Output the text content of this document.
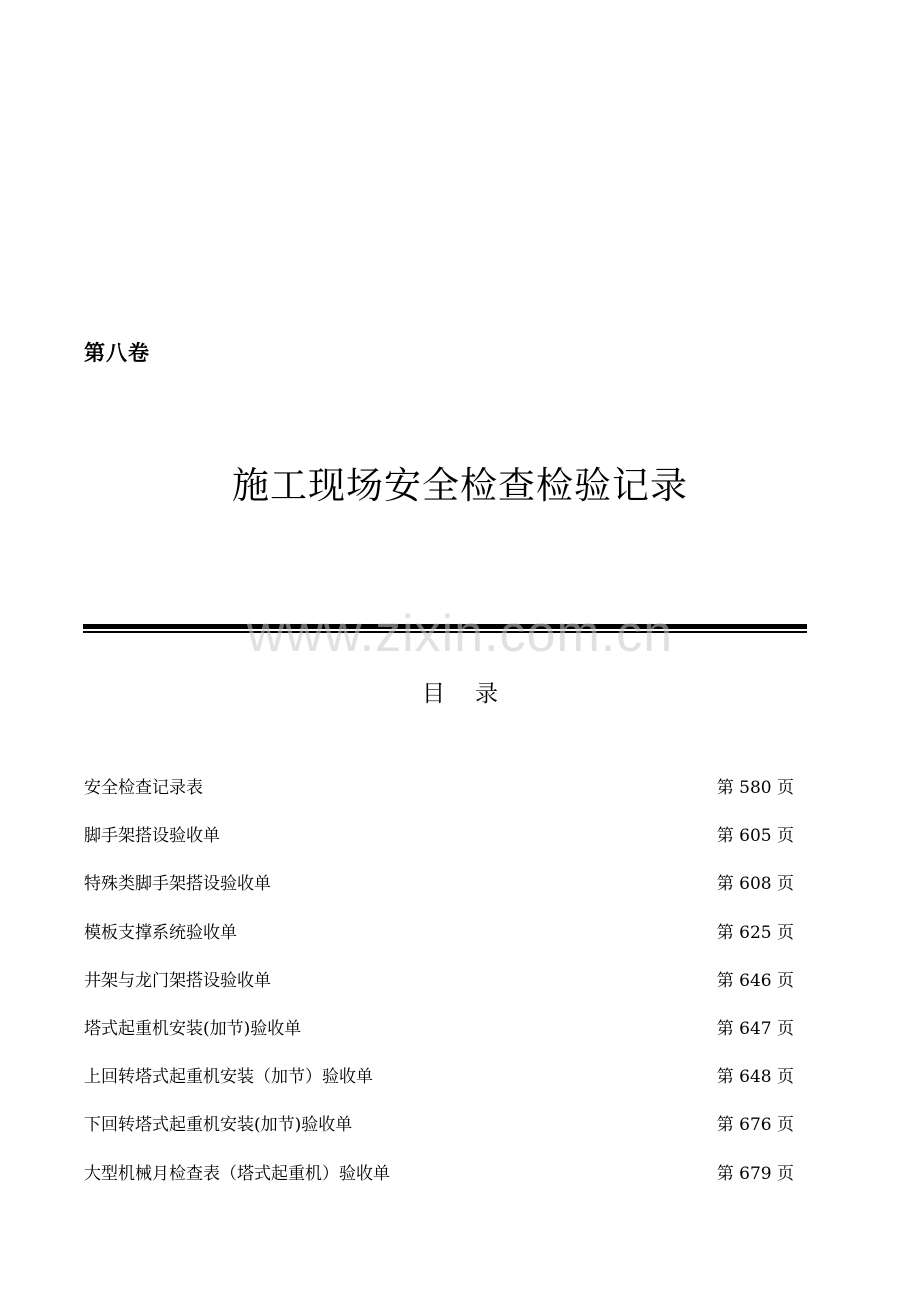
第八卷
施工现场安全检查检验记录
www.zixin.com.cn
目 录
安全检查记录表	第 580 页
脚手架搭设验收单	第 605 页
特殊类脚手架搭设验收单	第 608 页
模板支撑系统验收单	第 625 页
井架与龙门架搭设验收单	第 646 页
塔式起重机安装(加节)验收单	第 647 页
上回转塔式起重机安装（加节）验收单	第 648 页
下回转塔式起重机安装(加节)验收单	第 676 页
大型机械月检查表（塔式起重机）验收单	第 679 页
